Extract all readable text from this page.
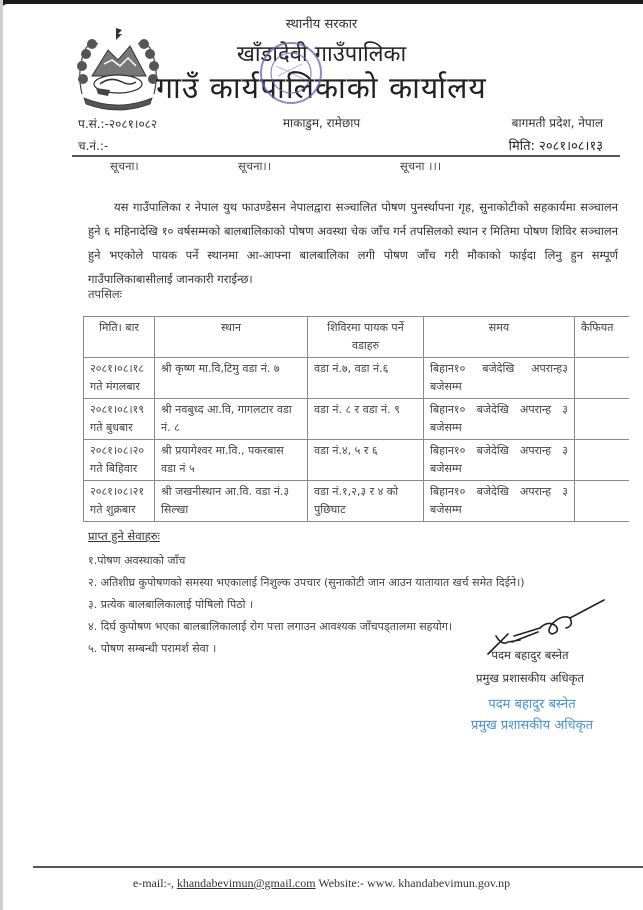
स्थानीय सरकार
खाँडादेवी गाउँपालिका
गाउँ कार्यपालिकाको कार्यालय
माकाडुम, रामेछाप
प.सं.:-२०८१।०८२
च.नं.:-
बागमती प्रदेश, नेपाल
मिति: २०८१।०८।१३
सूचना।	सूचना।।	सूचना ।।।

यस गाउँपालिका र नेपाल युथ फाउण्डेसन नेपालद्वारा सञ्चालित पोषण पुनर्स्थापना गृह, सुनाकोटीको सहकार्यमा सञ्चालन हुने ६ महिनादेखि १० वर्षसम्मको बालबालिकाको पोषण अवस्था चेक जाँच गर्न तपसिलको स्थान र मितिमा पोषण शिविर सञ्चालन हुने भएकोले पायक पर्ने स्थानमा आ-आफ्ना बालबालिका लगी पोषण जाँच गरी मौकाको फाईदा लिनु हुन सम्पूर्ण गाउँपालिकाबासीलाई जानकारी गराईन्छ।

तपसिलः
मिति। बार	स्थान	शिविरमा पायक पर्ने वडाहरु	समय	कैफियत
२०८१।०८।१८ गते मंगलबार	श्री कृष्ण मा.वि,टिमु वडा नं. ७	वडा नं.७, वडा नं.६	बिहान१० बजेदेखि अपरान्ह३ बजेसम्म	
२०८१।०८।१९ गते बुधबार	श्री नवबुध्द आ.वि, गागलटार वडा नं. ८	वडा नं. ८ र वडा नं. ९	बिहान१० बजेदेखि अपरान्ह ३ बजेसम्म	
२०८१।०८।२० गते बिहिवार	श्री प्रयागेश्वर मा.वि., पकरबास वडा नं ५	वडा नं.४, ५ र ६	बिहान१० बजेदेखि अपरान्ह ३ बजेसम्म	
२०८१।०८।२१ गते शुक्रबार	श्री जखनीस्थान आ.वि. वडा नं.३ सिल्खा	वडा नं.१,२,३ र ४ को पुछिघाट	बिहान१० बजेदेखि अपरान्ह ३ बजेसम्म	
प्राप्त हुने सेवाहरुः
१.पोषण अवस्थाको जाँच
२. अतिशीघ्र कुपोषणको समस्या भएकालाई निशुल्क उपचार (सुनाकोटी जान आउन यातायात खर्च समेत दिईने।)
३. प्रत्येक बालबालिकालाई पोषिलो पिठो ।
४. दिर्घ कुपोषण भएका बालबालिकालाई रोग पत्ता लगाउन आवश्यक जाँचपड्तालमा सहयोग।
५. पोषण सम्बन्धी परामर्श सेवा ।	पदम बहादुर बस्नेत
प्रमुख प्रशासकीय अधिकृत
पदम बहादुर बस्नेत
प्रमुख प्रशासकीय अधिकृत
e-mail:-, khandabevimun@gmail.com Website:- www. khandabevimun.gov.np
